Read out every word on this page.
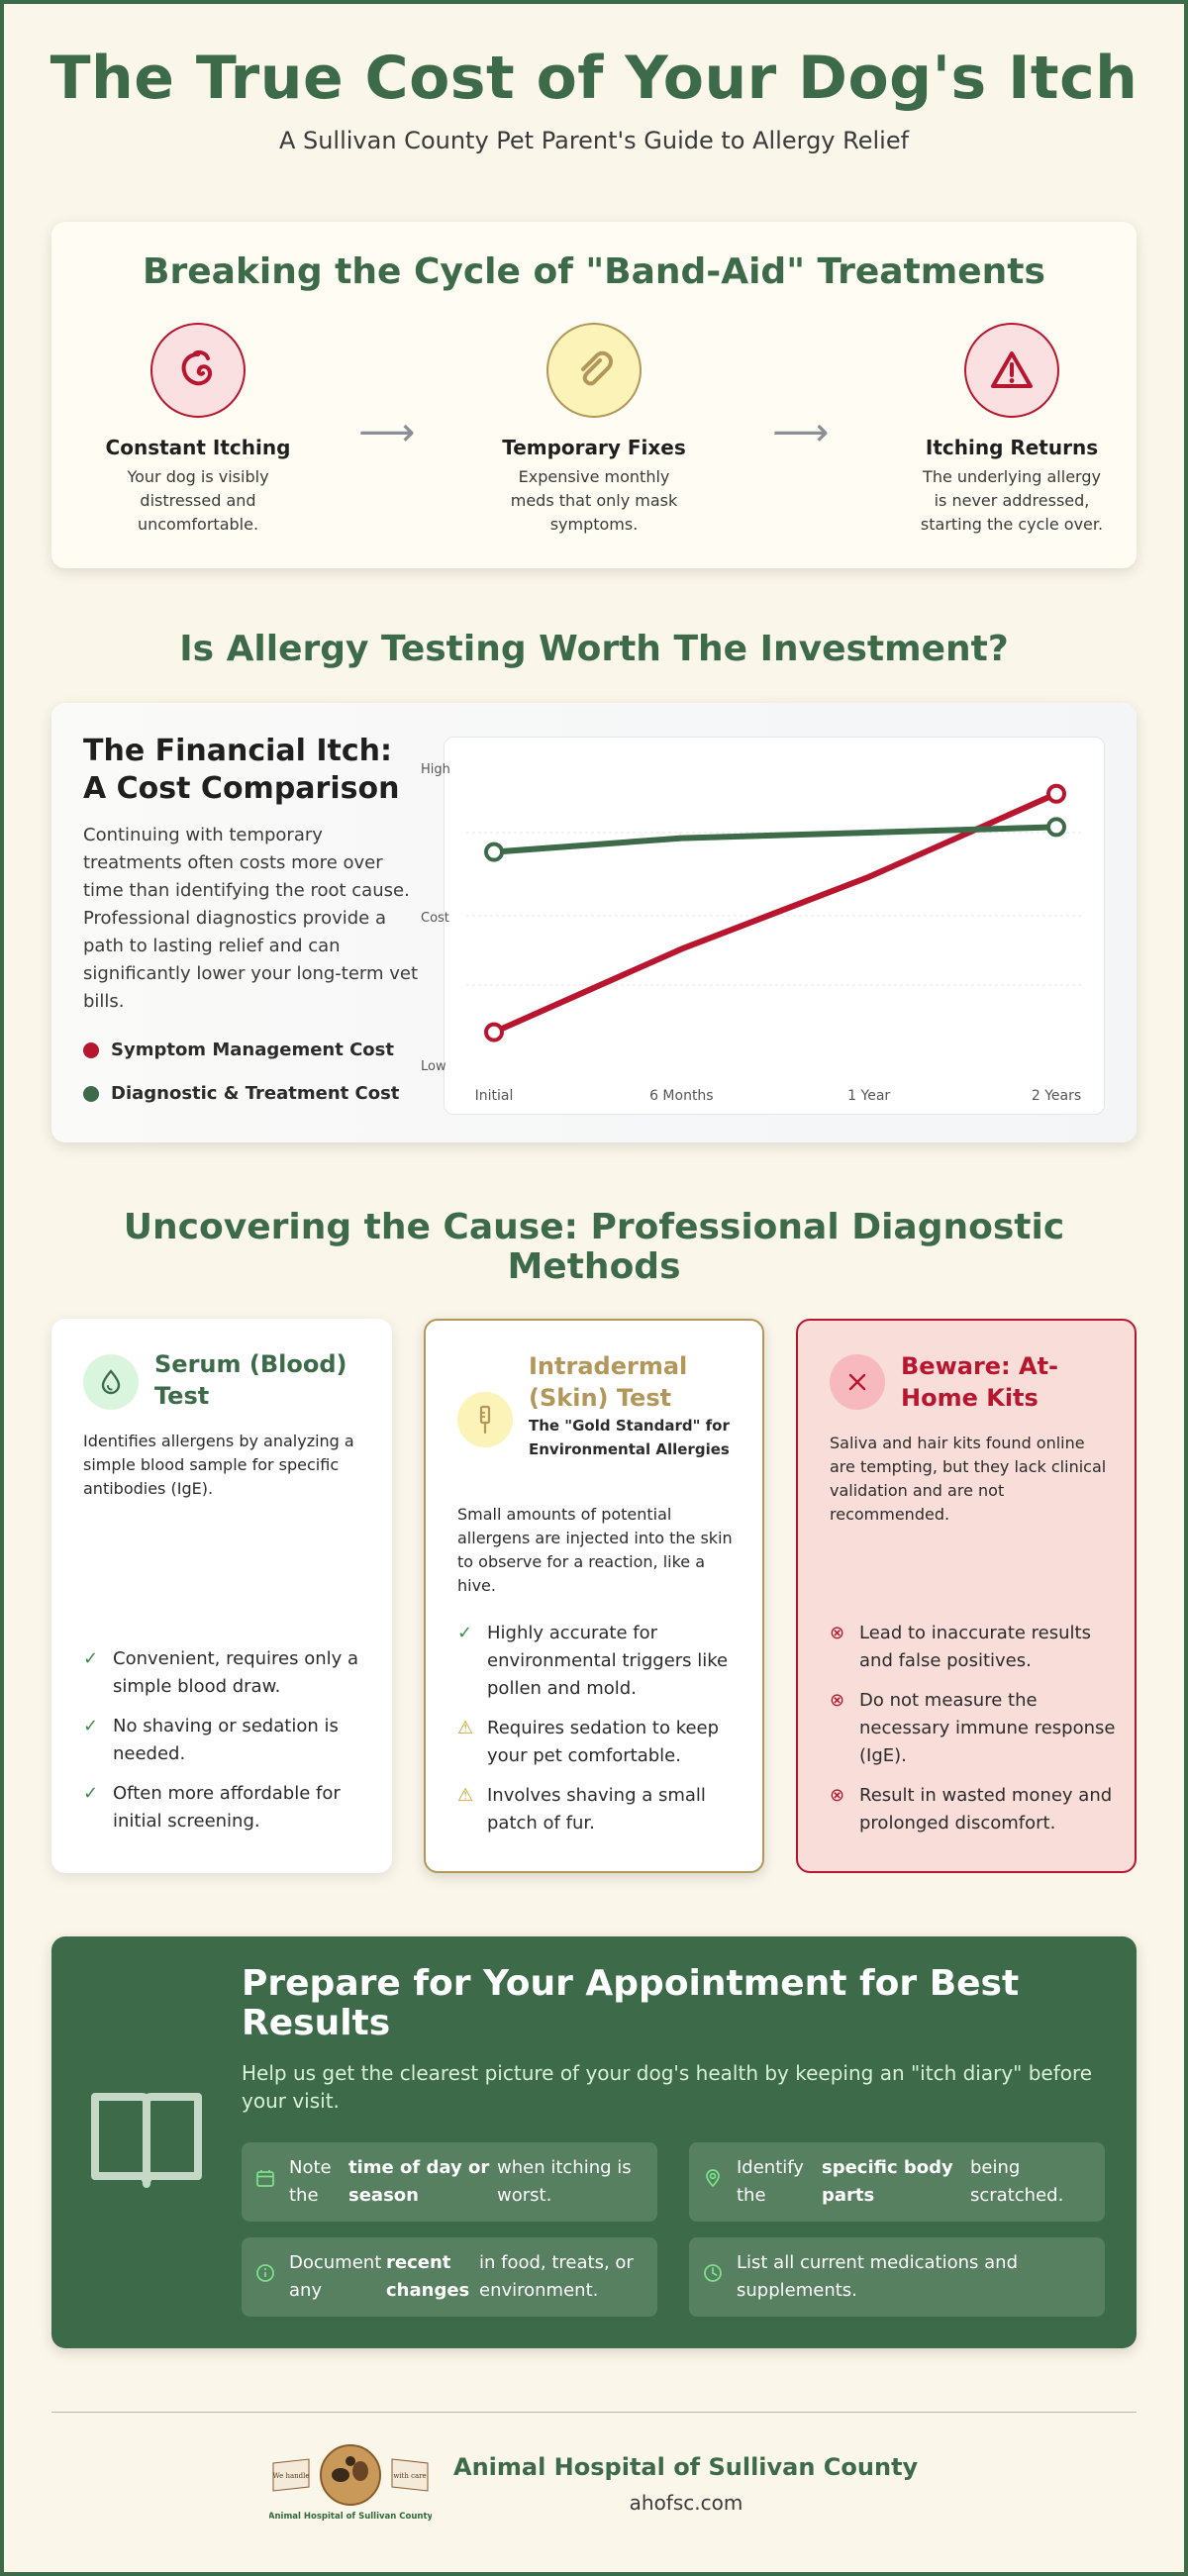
The True Cost of Your Dog's Itch
A Sullivan County Pet Parent's Guide to Allergy Relief
Breaking the Cycle of "Band-Aid" Treatments
Constant Itching
Your dog is visibly distressed and uncomfortable.
⟶	Temporary Fixes
Expensive monthly meds that only mask symptoms.
⟶	Itching Returns
The underlying allergy is never addressed, starting the cycle over.
Is Allergy Testing Worth The Investment?
The Financial Itch: A Cost Comparison
Continuing with temporary treatments often costs more over time than identifying the root cause. Professional diagnostics provide a path to lasting relief and can significantly lower your long-term vet bills.
Symptom Management Cost
Diagnostic & Treatment Cost
High
Cost
Low
Initial	6 Months	1 Year	2 Years
Uncovering the Cause: Professional Diagnostic Methods
Serum (Blood) Test
Identifies allergens by analyzing a simple blood sample for specific antibodies (IgE).
✓ Convenient, requires only a simple blood draw.
✓ No shaving or sedation is needed.
✓ Often more affordable for initial screening.
Intradermal (Skin) Test
The "Gold Standard" for Environmental Allergies
Small amounts of potential allergens are injected into the skin to observe for a reaction, like a hive.
✓ Highly accurate for environmental triggers like pollen and mold.
⚠ Requires sedation to keep your pet comfortable.
⚠ Involves shaving a small patch of fur.
Beware: At-Home Kits
Saliva and hair kits found online are tempting, but they lack clinical validation and are not recommended.
⊗ Lead to inaccurate results and false positives.
⊗ Do not measure the necessary immune response (IgE).
⊗ Result in wasted money and prolonged discomfort.
Prepare for Your Appointment for Best Results
Help us get the clearest picture of your dog's health by keeping an "itch diary" before your visit.
Note the
time of day or season
when itching is worst.
Identify the
specific body parts
being scratched.
Document any
recent changes
in food, treats, or environment.
List all current medications and supplements.
We handle	with care
Animal Hospital of Sullivan County
Animal Hospital of Sullivan County
ahofsc.com
